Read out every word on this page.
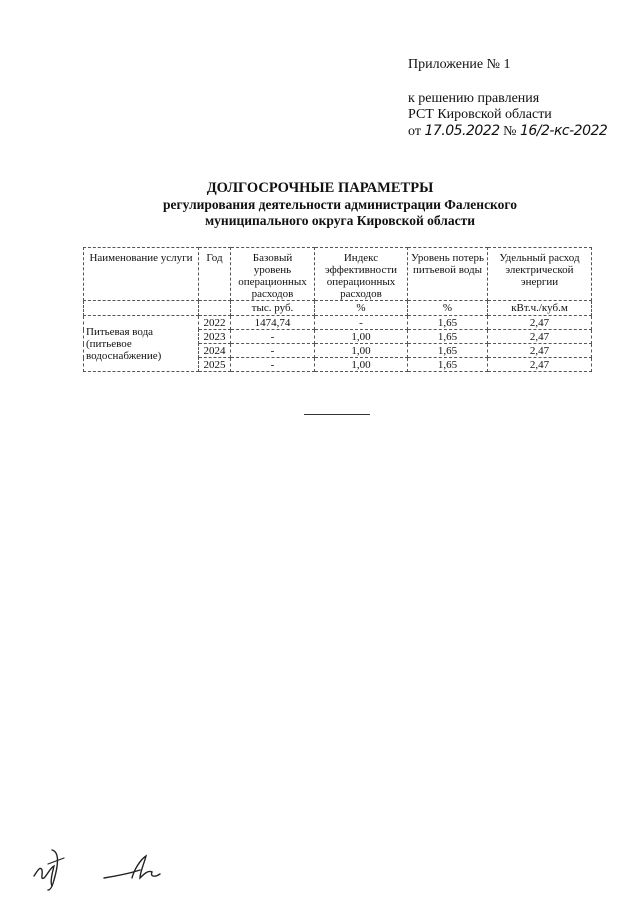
Приложение № 1
к решению правления
РСТ Кировской области
от 17.05.2022 № 16/2-кс-2022
ДОЛГОСРОЧНЫЕ ПАРАМЕТРЫ
регулирования деятельности администрации Фаленского
муниципального округа Кировской области
Наименование услуги	Год	Базовый уровень операционных расходов	Индекс эффективности операционных расходов	Уровень потерь питьевой воды	Удельный расход электрической энергии
		тыс. руб.	%	%	кВт.ч./куб.м
Питьевая вода (питьевое водоснабжение)	2022	1474,74	-	1,65	2,47
	2023	-	1,00	1,65	2,47
	2024	-	1,00	1,65	2,47
	2025	-	1,00	1,65	2,47
